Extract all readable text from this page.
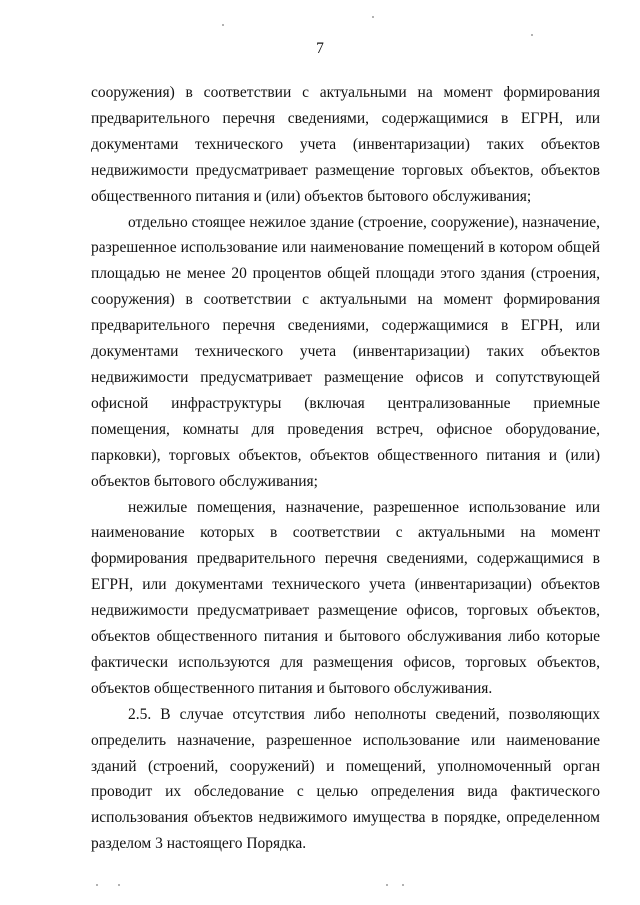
7

сооружения) в соответствии с актуальными на момент формирования предварительного перечня сведениями, содержащимися в ЕГРН, или документами технического учета (инвентаризации) таких объектов недвижимости предусматривает размещение торговых объектов, объектов общественного питания и (или) объектов бытового обслуживания;

отдельно стоящее нежилое здание (строение, сооружение), назначение, разрешенное использование или наименование помещений в котором общей площадью не менее 20 процентов общей площади этого здания (строения, сооружения) в соответствии с актуальными на момент формирования предварительного перечня сведениями, содержащимися в ЕГРН, или документами технического учета (инвентаризации) таких объектов недвижимости предусматривает размещение офисов и сопутствующей офисной инфраструктуры (включая централизованные приемные помещения, комнаты для проведения встреч, офисное оборудование, парковки), торговых объектов, объектов общественного питания и (или) объектов бытового обслуживания;

нежилые помещения, назначение, разрешенное использование или наименование которых в соответствии с актуальными на момент формирования предварительного перечня сведениями, содержащимися в ЕГРН, или документами технического учета (инвентаризации) объектов недвижимости предусматривает размещение офисов, торговых объектов, объектов общественного питания и бытового обслуживания либо которые фактически используются для размещения офисов, торговых объектов, объектов общественного питания и бытового обслуживания.

2.5. В случае отсутствия либо неполноты сведений, позволяющих определить назначение, разрешенное использование или наименование зданий (строений, сооружений) и помещений, уполномоченный орган проводит их обследование с целью определения вида фактического использования объектов недвижимого имущества в порядке, определенном разделом 3 настоящего Порядка.
